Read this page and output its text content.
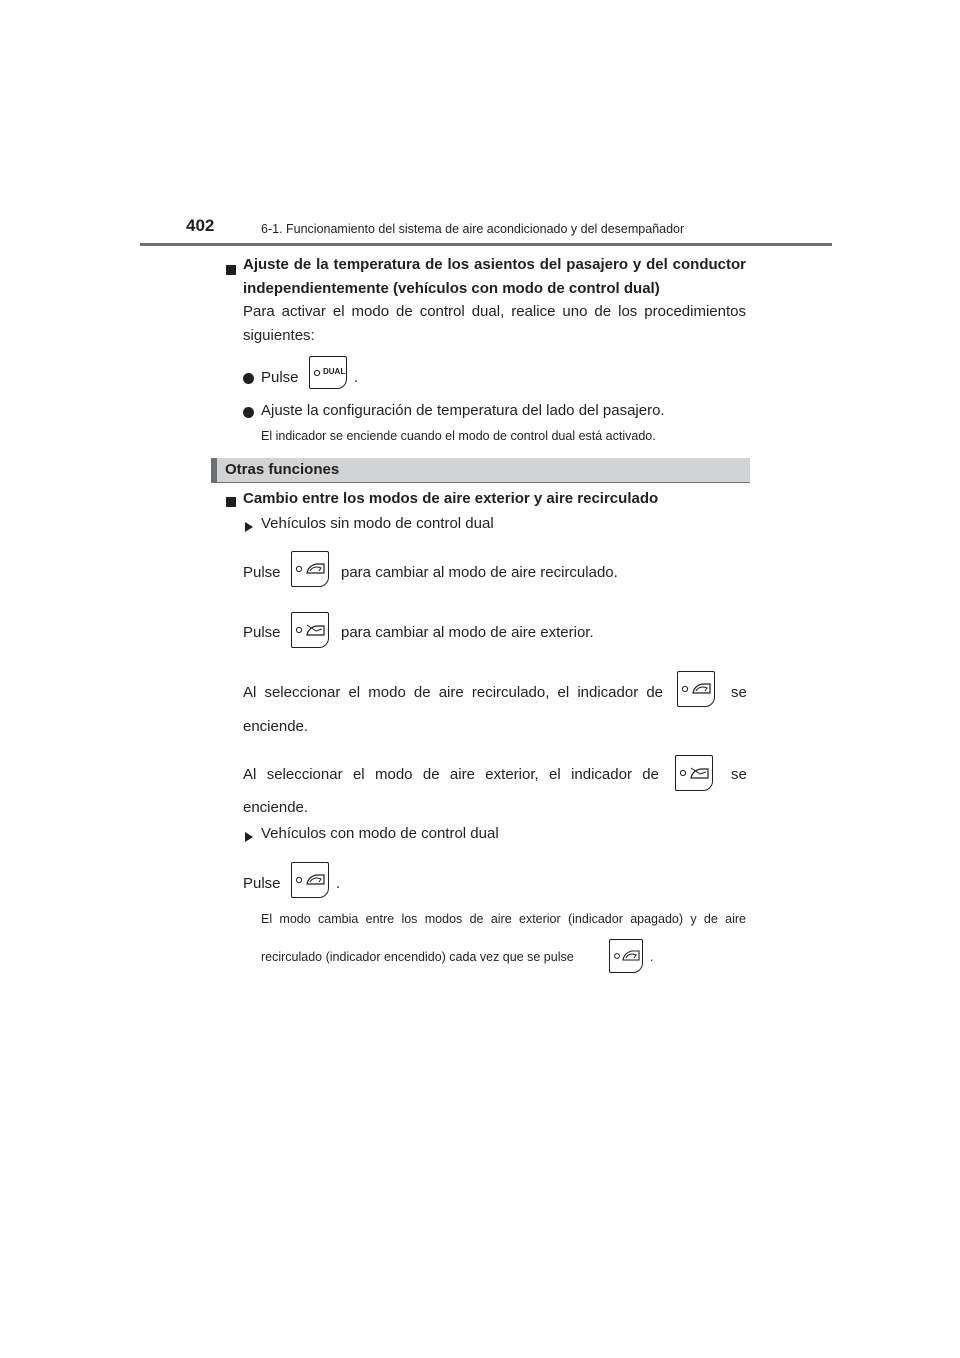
402	6-1. Funcionamiento del sistema de aire acondicionado y del desempañador
Ajuste de la temperatura de los asientos del pasajero y del conductor
independientemente (vehículos con modo de control dual)
Para activar el modo de control dual, realice uno de los procedimientos
siguientes:
Pulse	DUAL .
Ajuste la configuración de temperatura del lado del pasajero.
El indicador se enciende cuando el modo de control dual está activado.
Otras funciones
Cambio entre los modos de aire exterior y aire recirculado
Vehículos sin modo de control dual
Pulse	para cambiar al modo de aire recirculado.
Pulse	para cambiar al modo de aire exterior.
Al seleccionar el modo de aire recirculado, el indicador de	se
enciende.
Al seleccionar el modo de aire exterior, el indicador de	se
enciende.
Vehículos con modo de control dual
Pulse	.
El modo cambia entre los modos de aire exterior (indicador apagado) y de aire
recirculado (indicador encendido) cada vez que se pulse	.
